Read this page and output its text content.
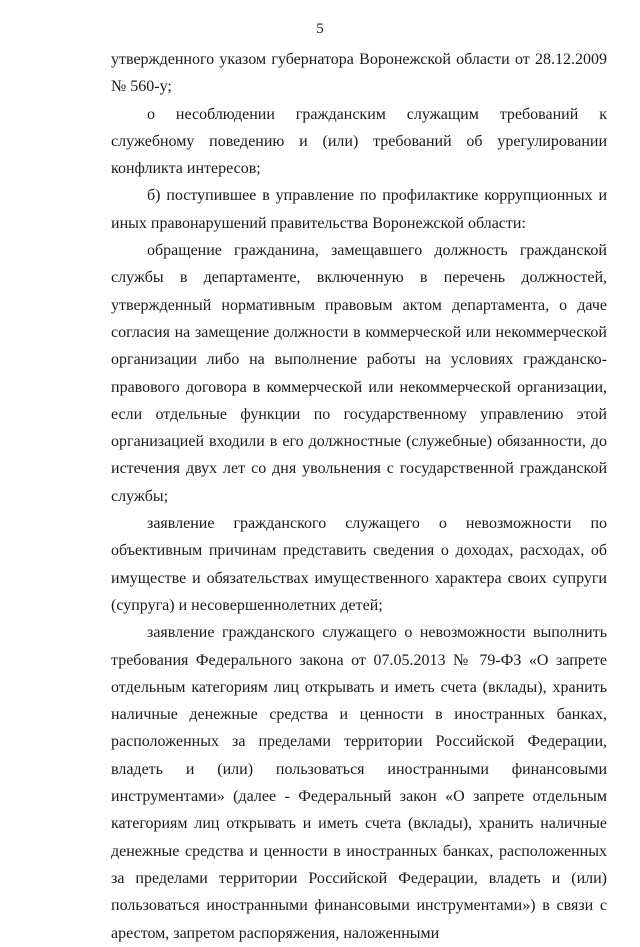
5

утвержденного указом губернатора Воронежской области от 28.12.2009 № 560-у;

о несоблюдении гражданским служащим требований к служебному поведению и (или) требований об урегулировании конфликта интересов;

б) поступившее в управление по профилактике коррупционных и иных правонарушений правительства Воронежской области:

обращение гражданина, замещавшего должность гражданской службы в департаменте, включенную в перечень должностей, утвержденный нормативным правовым актом департамента, о даче согласия на замещение должности в коммерческой или некоммерческой организации либо на выполнение работы на условиях гражданско-правового договора в коммерческой или некоммерческой организации, если отдельные функции по государственному управлению этой организацией входили в его должностные (служебные) обязанности, до истечения двух лет со дня увольнения с государственной гражданской службы;

заявление гражданского служащего о невозможности по объективным причинам представить сведения о доходах, расходах, об имуществе и обязательствах имущественного характера своих супруги (супруга) и несовершеннолетних детей;

заявление гражданского служащего о невозможности выполнить требования Федерального закона от 07.05.2013 № 79-ФЗ «О запрете отдельным категориям лиц открывать и иметь счета (вклады), хранить наличные денежные средства и ценности в иностранных банках, расположенных за пределами территории Российской Федерации, владеть и (или) пользоваться иностранными финансовыми инструментами» (далее - Федеральный закон «О запрете отдельным категориям лиц открывать и иметь счета (вклады), хранить наличные денежные средства и ценности в иностранных банках, расположенных за пределами территории Российской Федерации, владеть и (или) пользоваться иностранными финансовыми инструментами») в связи с арестом, запретом распоряжения, наложенными
